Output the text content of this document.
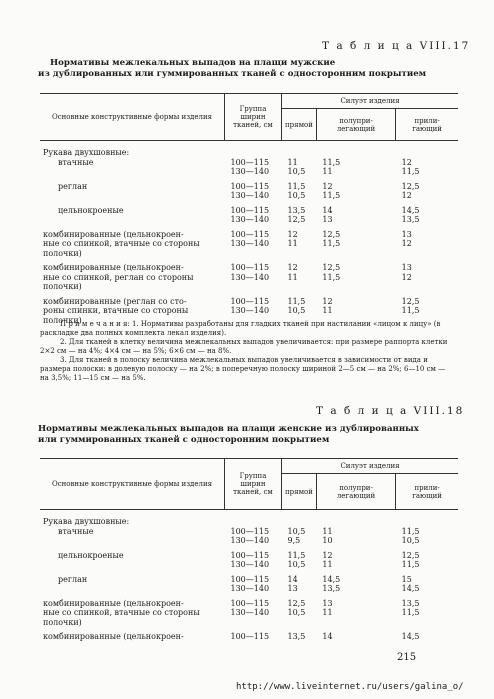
Т а б л и ц а VIII.17
Нормативы межлекальных выпадов на плащи мужские
из дублированных или гуммированных тканей с односторонним покрытием
Основные конструктивные формы изделия	Группа ширин тканей, см	Силуэт изделия		
		прямой	полупри- легающий	прили- гающий
Рукава двухшовные:				
втачные	100—115	11	11,5	12
	130—140	10,5	11	11,5
реглан	100—115	11,5	12	12,5
	130—140	10,5	11,5	12
цельнокроеные	100—115	13,5	14	14,5
	130—140	12,5	13	13,5
комбинированные (цельнокроен-	100—115	12	12,5	13
ные со спинкой, втачные со стороны	130—140	11	11,5	12
полочки)				
комбинированные (цельнокроен-	100—115	12	12,5	13
ные со спинкой, реглан со стороны	130—140	11	11,5	12
полочки)				
комбинированные (реглан со сто-	100—115	11,5	12	12,5
роны спинки, втачные со стороны	130—140	10,5	11	11,5
полочки)				
П р и м е ч а н и я: 1. Нормативы разработаны для гладких тканей при настилании «лицом к лицу» (в раскладке два полных комплекта лекал изделия).
2. Для тканей в клетку величина межлекальных выпадов увеличивается: при размере раппорта клетки 2×2 см — на 4%; 4×4 см — на 5%; 6×6 см — на 8%.
3. Для тканей в полоску величина межлекальных выпадов увеличивается в зависимости от вида и размера полоски: в долевую полоску — на 2%; в поперечную полоску шириной 2—5 см — на 2%; 6—10 см — на 3,5%; 11—15 см — на 5%.
Т а б л и ц а VIII.18
Нормативы межлекальных выпадов на плащи женские из дублированных
или гуммированных тканей с односторонним покрытием
Основные конструктивные формы изделия	Группа ширин тканей, см	Силуэт изделия		
		прямой	полупри- легающий	прили- гающий
Рукава двухшовные:				
втачные	100—115	10,5	11	11,5
	130—140	9,5	10	10,5
цельнокроеные	100—115	11,5	12	12,5
	130—140	10,5	11	11,5
реглан	100—115	14	14,5	15
	130—140	13	13,5	14,5
комбинированные (цельнокроен-	100—115	12,5	13	13,5
ные со спинкой, втачные со стороны	130—140	10,5	11	11,5
полочки)				
комбинированные (цельнокроен-	100—115	13,5	14	14,5
215
http://www.liveinternet.ru/users/galina_o/
